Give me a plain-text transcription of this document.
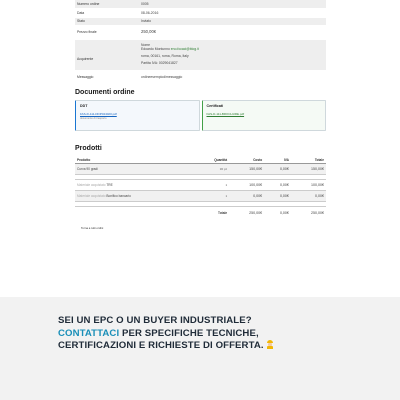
Numero ordine	0005
Data	08-06-2016
Stato	Inviato
Prezzo finale	250,00€
Acquirente	Nome
Edoardo Montunno eno.focaci@blog.it
roma, 00161, roma, Roma, Italy
Partita IVA: 0029041827

Messaggio	ordineesempiodimessaggio
Documenti ordine
DDT
FAS-D-111-DDP044020.pdf
documento di trasporto
Certificati
FAS-D-111-BROCHURE.pdf
Prodotti
Prodotto	Quantità	Costo	IVA	Totale
Curva 90 gradi	30 pz	150,00€	0,00€	150,00€

Materiale acquistato TRE	1	100,00€	0,00€	100,00€
Materiale acquistato Bonifico bancario	1	0,00€	0,00€	0,00€

	Totale	250,00€	0,00€	250,00€
Torna a tutti ordini
SEI UN EPC O UN BUYER INDUSTRIALE?
CONTATTACI PER SPECIFICHE TECNICHE,
CERTIFICAZIONI E RICHIESTE DI OFFERTA.
